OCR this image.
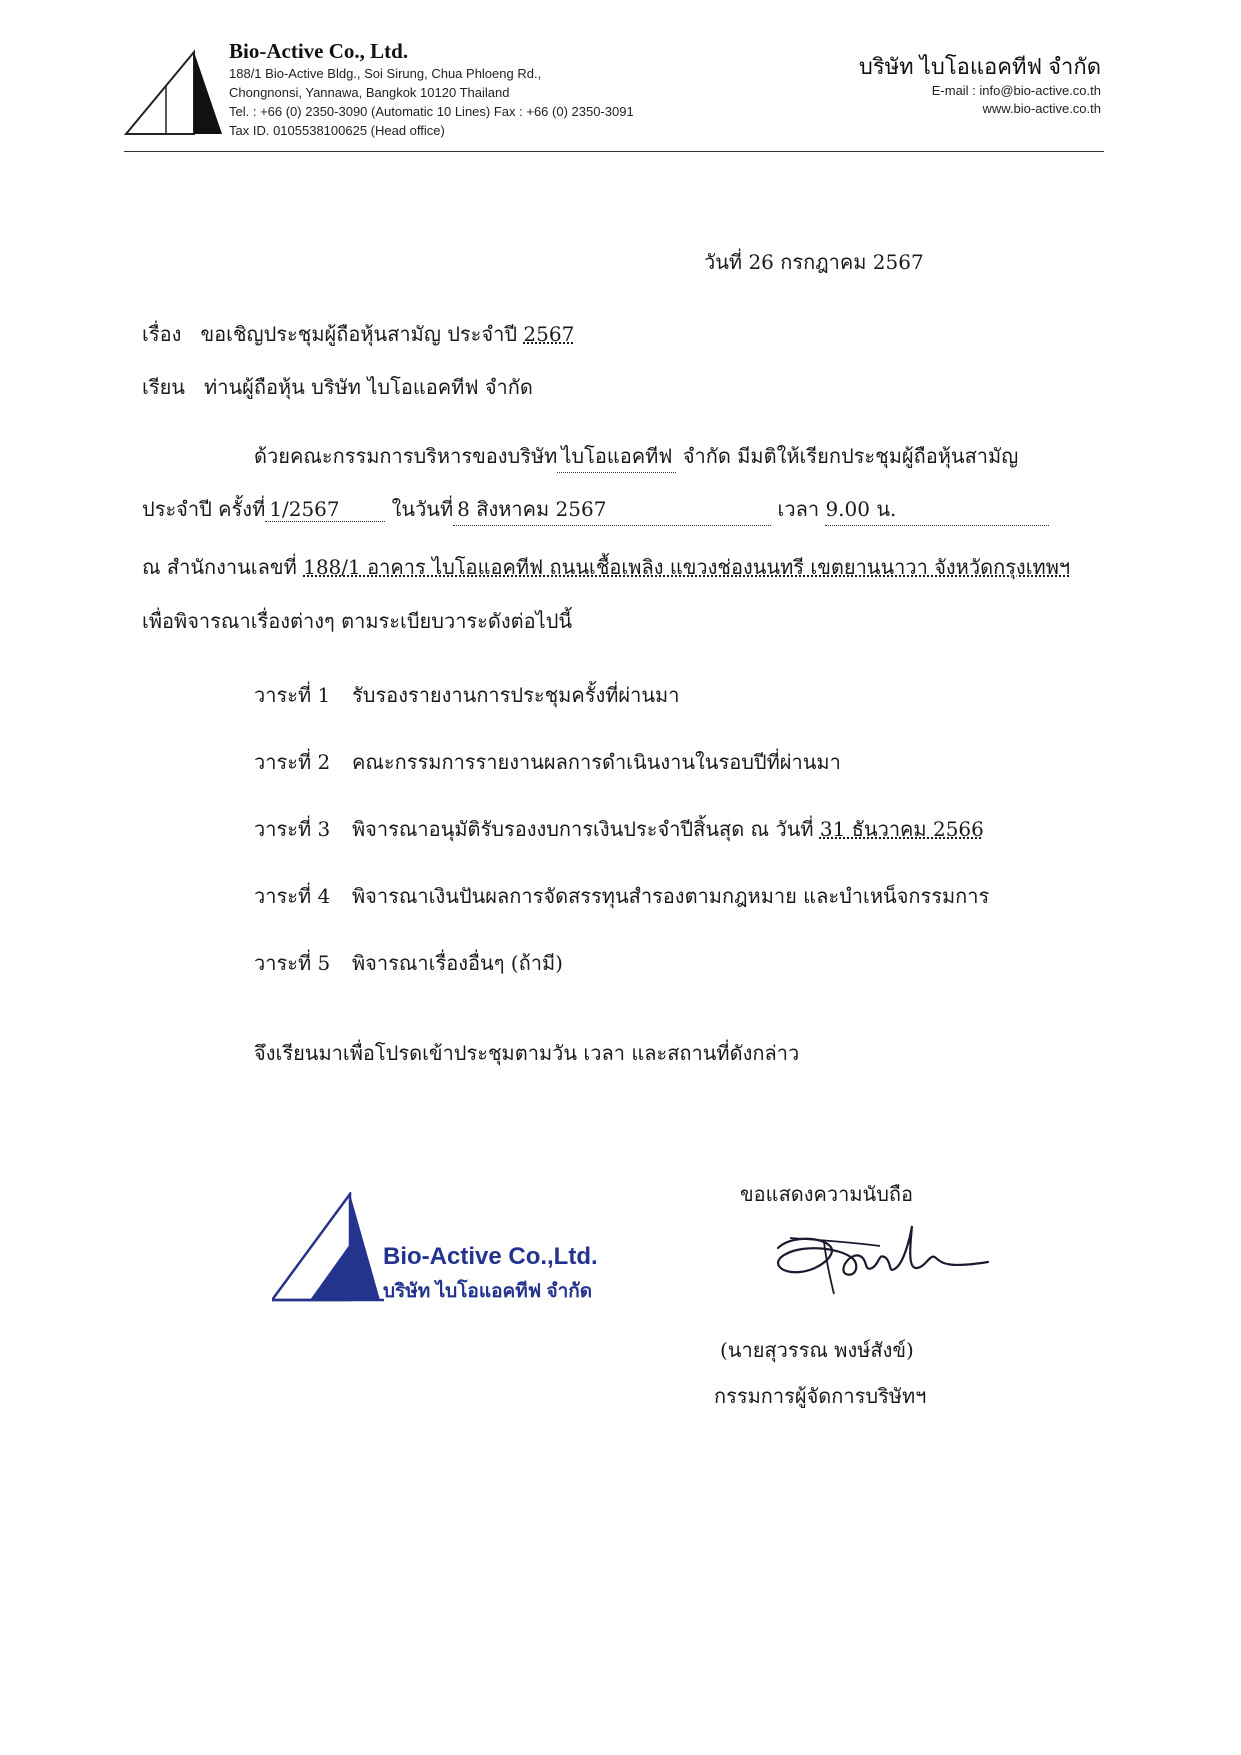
Bio-Active Co., Ltd.
188/1 Bio-Active Bldg., Soi Sirung, Chua Phloeng Rd.,
Chongnonsi, Yannawa, Bangkok 10120 Thailand
Tel. : +66 (0) 2350-3090 (Automatic 10 Lines) Fax : +66 (0) 2350-3091
Tax ID. 0105538100625 (Head office)
บริษัท ไบโอแอคทีฟ จำกัด
E-mail : info@bio-active.co.th
www.bio-active.co.th
วันที่ 26 กรกฎาคม 2567
เรื่อง ขอเชิญประชุมผู้ถือหุ้นสามัญ ประจำปี 2567
เรียน ท่านผู้ถือหุ้น บริษัท ไบโอแอคทีฟ จำกัด
ด้วยคณะกรรมการบริหารของบริษัท ไบโอแอคทีฟ จำกัด มีมติให้เรียกประชุมผู้ถือหุ้นสามัญ
ประจำปี ครั้งที่ 1/2567	ในวันที่ 8 สิงหาคม 2567	เวลา 9.00 น.
ณ สำนักงานเลขที่ 188/1 อาคาร ไบโอแอคทีฟ ถนนเชื้อเพลิง แขวงช่องนนทรี เขตยานนาวา จังหวัดกรุงเทพฯ
เพื่อพิจารณาเรื่องต่างๆ ตามระเบียบวาระดังต่อไปนี้
วาระที่ 1 รับรองรายงานการประชุมครั้งที่ผ่านมา
วาระที่ 2 คณะกรรมการรายงานผลการดำเนินงานในรอบปีที่ผ่านมา
วาระที่ 3 พิจารณาอนุมัติรับรองงบการเงินประจำปีสิ้นสุด ณ วันที่ 31 ธันวาคม 2566
วาระที่ 4 พิจารณาเงินปันผลการจัดสรรทุนสำรองตามกฎหมาย และบำเหน็จกรรมการ
วาระที่ 5 พิจารณาเรื่องอื่นๆ (ถ้ามี)
จึงเรียนมาเพื่อโปรดเข้าประชุมตามวัน เวลา และสถานที่ดังกล่าว
Bio-Active Co.,Ltd.
บริษัท ไบโอแอคทีฟ จำกัด
ขอแสดงความนับถือ
(นายสุวรรณ พงษ์สังข์)
กรรมการผู้จัดการบริษัทฯ
